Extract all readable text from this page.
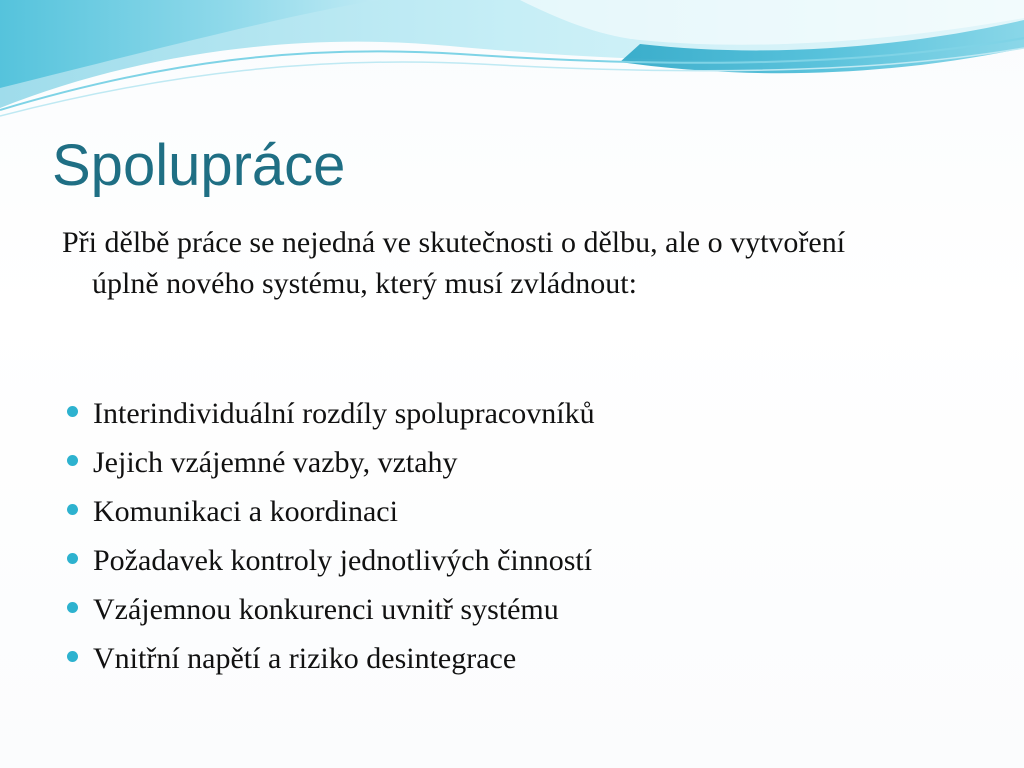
Spolupráce

Při dělbě práce se nejedná ve skutečnosti o dělbu, ale o vytvoření úplně nového systému, který musí zvládnout:

Interindividuální rozdíly spolupracovníků
Jejich vzájemné vazby, vztahy
Komunikaci a koordinaci
Požadavek kontroly jednotlivých činností
Vzájemnou konkurenci uvnitř systému
Vnitřní napětí a riziko desintegrace
